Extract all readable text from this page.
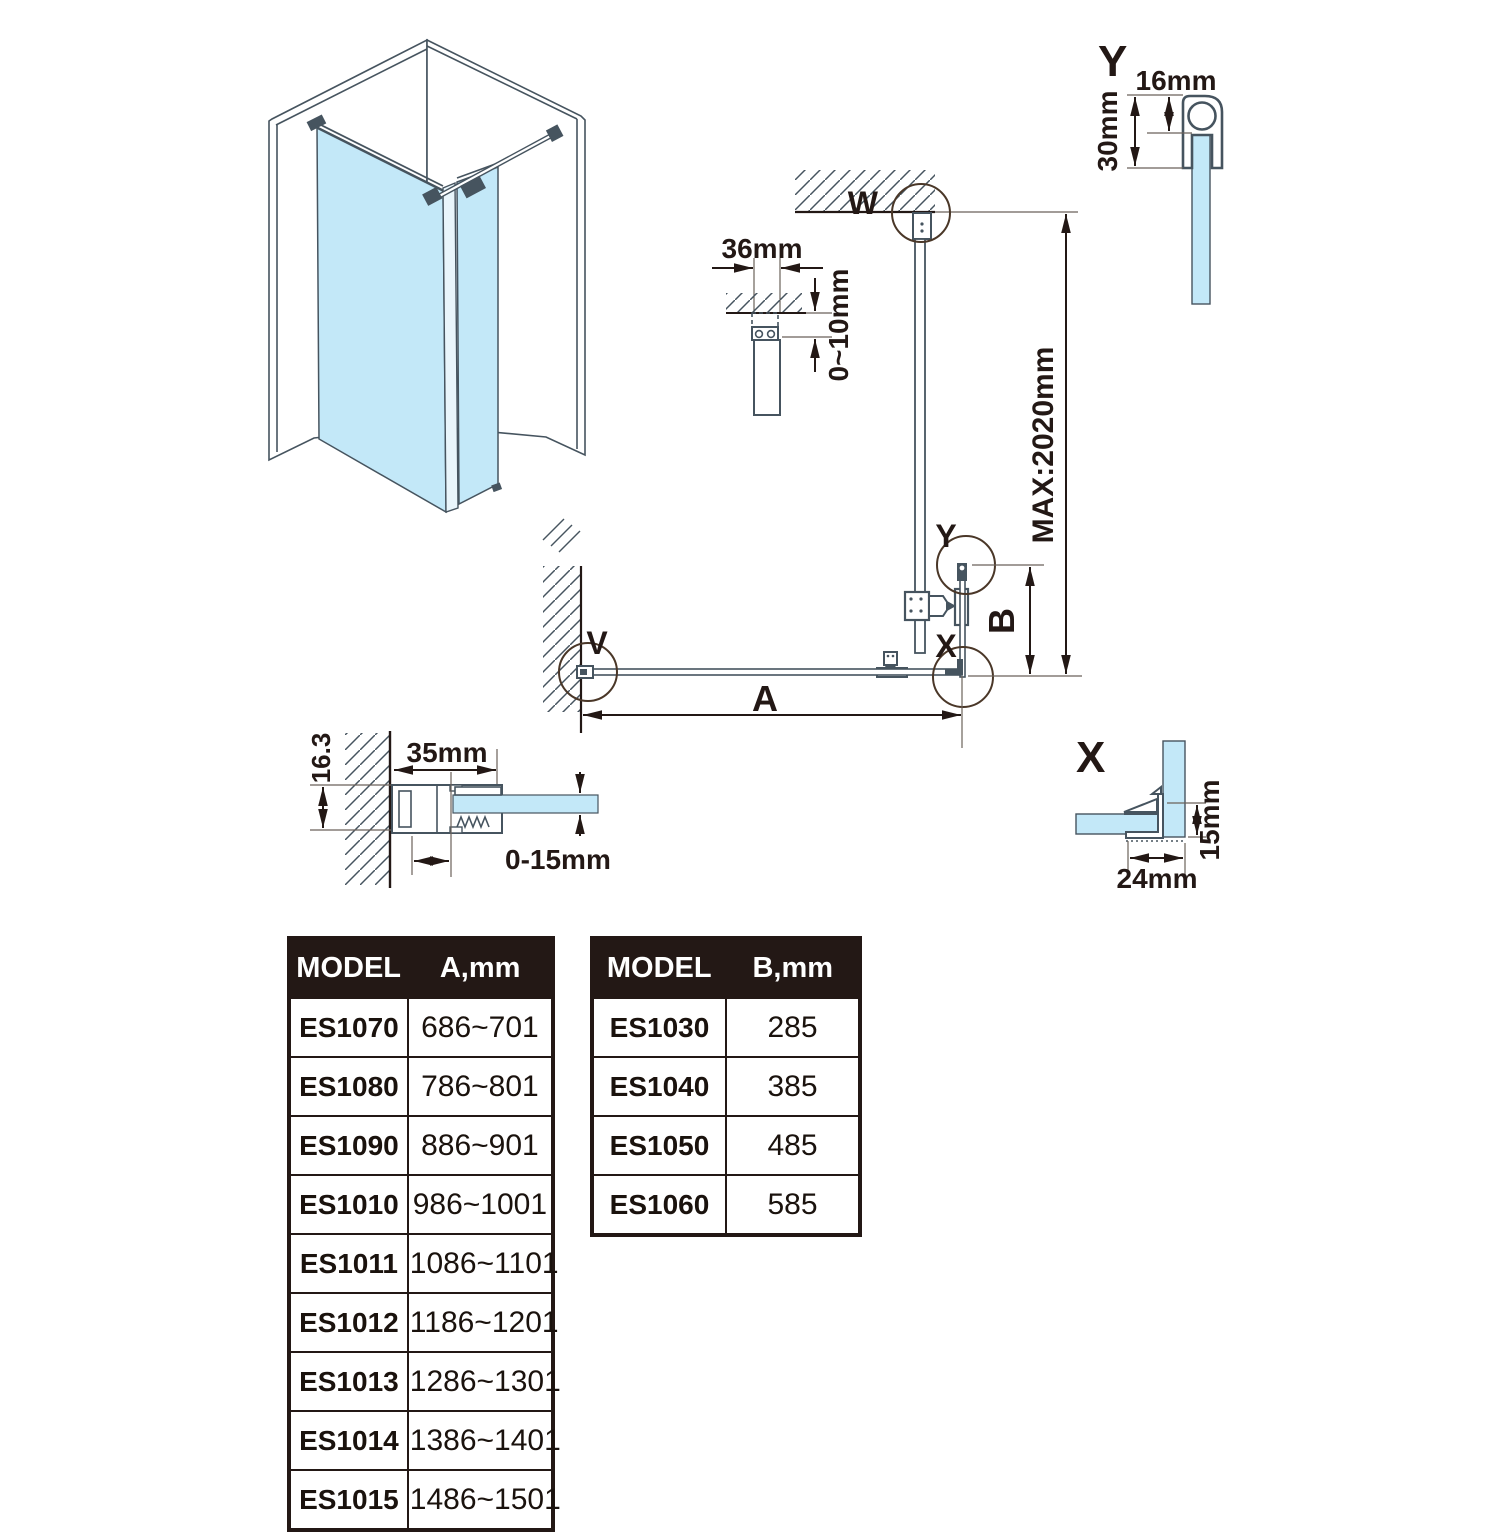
W
V	X
Y
A
B
MAX:2020mm
36mm
0~10mm
Y 16mm
30mm
X
15mm
24mm
16.3	35mm
0-15mm
MODEL	A,mm
ES1070	686~701
ES1080	786~801
ES1090	886~901
ES1010	986~1001
ES1011	1086~1101
ES1012	1186~1201
ES1013	1286~1301
ES1014	1386~1401
ES1015	1486~1501
MODEL	B,mm
ES1030	285
ES1040	385
ES1050	485
ES1060	585
